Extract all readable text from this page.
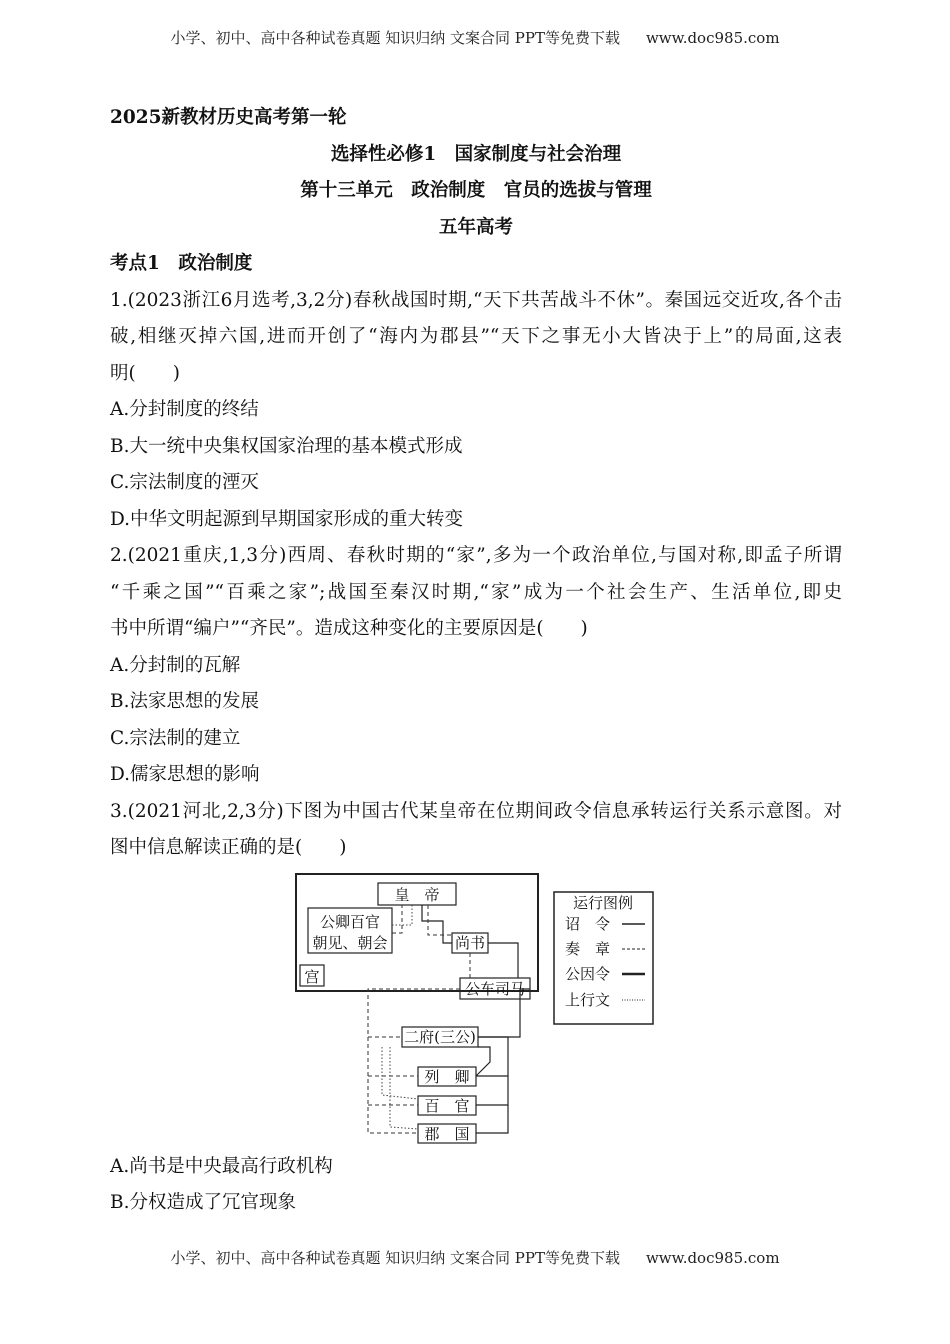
小学、初中、高中各种试卷真题 知识归纳 文案合同 PPT等免费下载 www.doc985.com
2025新教材历史高考第一轮
选择性必修1　国家制度与社会治理
第十三单元　政治制度　官员的选拔与管理
五年高考
考点1　政治制度
1.(2023浙江6月选考,3,2分)春秋战国时期,“天下共苦战斗不休”。秦国远交近攻,各个击
破,相继灭掉六国,进而开创了“海内为郡县”“天下之事无小大皆决于上”的局面,这表
明(　　)
A.分封制度的终结
B.大一统中央集权国家治理的基本模式形成
C.宗法制度的湮灭
D.中华文明起源到早期国家形成的重大转变
2.(2021重庆,1,3分)西周、春秋时期的“家”,多为一个政治单位,与国对称,即孟子所谓
“千乘之国”“百乘之家”;战国至秦汉时期,“家”成为一个社会生产、生活单位,即史
书中所谓“编户”“齐民”。造成这种变化的主要原因是(　　)
A.分封制的瓦解
B.法家思想的发展
C.宗法制的建立
D.儒家思想的影响
3.(2021河北,2,3分)下图为中国古代某皇帝在位期间政令信息承转运行关系示意图。对
图中信息解读正确的是(　　)
皇　帝
公卿百官
朝见、朝会	尚书
宫
公车司马
二府(三公)
列　卿
百　官
郡　国
运行图例
诏　令
奏　章
公因令
上行文
A.尚书是中央最高行政机构
B.分权造成了冗官现象
小学、初中、高中各种试卷真题 知识归纳 文案合同 PPT等免费下载 www.doc985.com
